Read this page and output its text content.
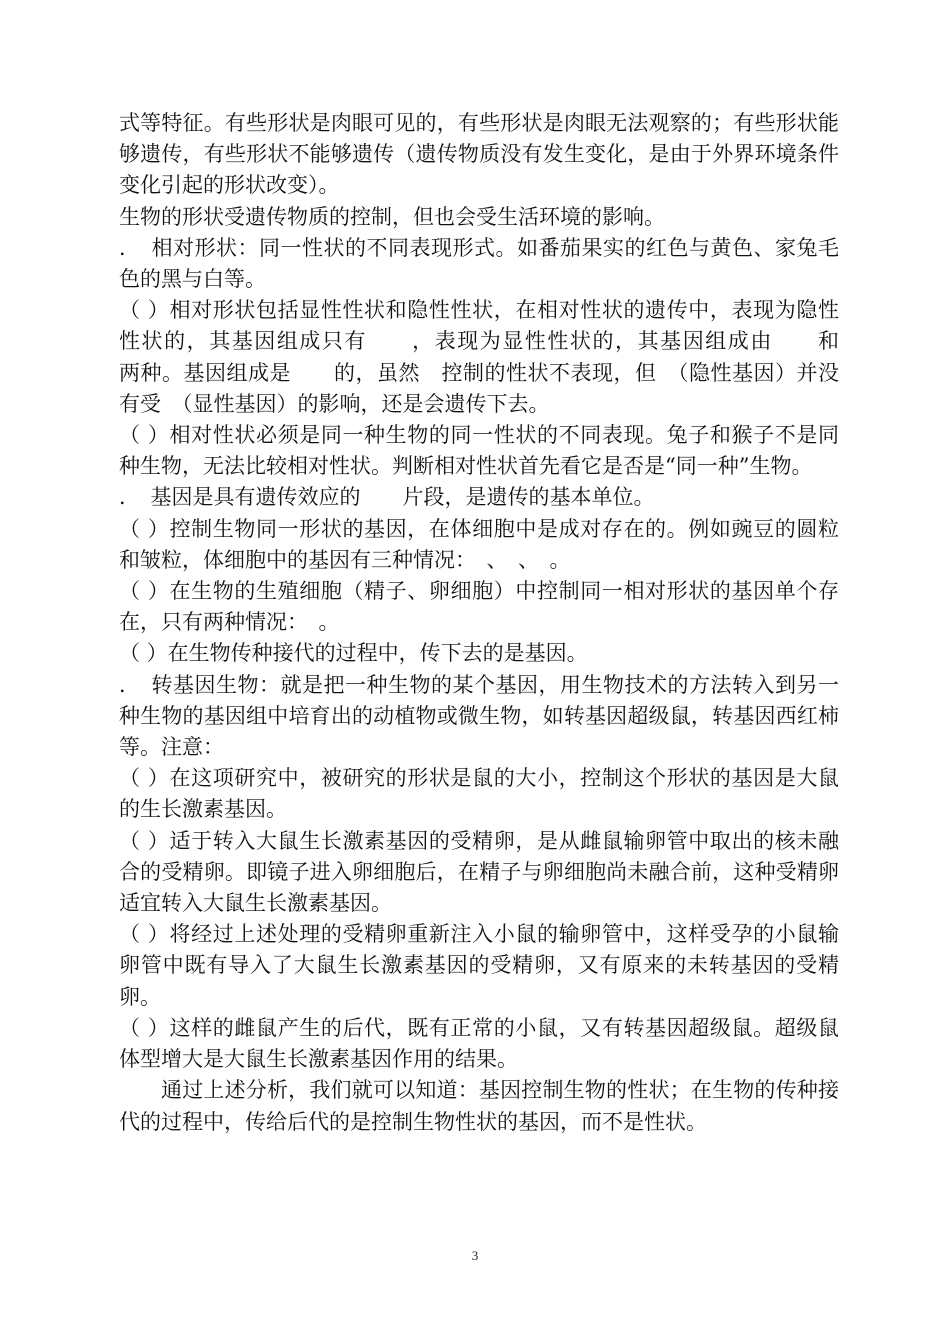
式等特征。有些形状是肉眼可见的，有些形状是肉眼无法观察的；有些形状能够遗传，有些形状不能够遗传（遗传物质没有发生变化，是由于外界环境条件变化引起的形状改变）。

生物的形状受遗传物质的控制，但也会受生活环境的影响。

．　相对形状：同一性状的不同表现形式。如番茄果实的红色与黄色、家兔毛色的黑与白等。

（ ）相对形状包括显性性状和隐性性状，在相对性状的遗传中，表现为隐性性状的，其基因组成只有　　，表现为显性性状的，其基因组成由　　和　　两种。基因组成是　　的，虽然　控制的性状不表现，但　（隐性基因）并没有受　（显性基因）的影响，还是会遗传下去。

（ ）相对性状必须是同一种生物的同一性状的不同表现。兔子和猴子不是同种生物，无法比较相对性状。判断相对性状首先看它是否是“同一种”生物。

．　基因是具有遗传效应的　　片段，是遗传的基本单位。

（ ）控制生物同一形状的基因，在体细胞中是成对存在的。例如豌豆的圆粒和皱粒，体细胞中的基因有三种情况：　、　、　。

（ ）在生物的生殖细胞（精子、卵细胞）中控制同一相对形状的基因单个存在，只有两种情况：　。

（ ）在生物传种接代的过程中，传下去的是基因。

．　转基因生物：就是把一种生物的某个基因，用生物技术的方法转入到另一种生物的基因组中培育出的动植物或微生物，如转基因超级鼠，转基因西红柿等。注意：

（ ）在这项研究中，被研究的形状是鼠的大小，控制这个形状的基因是大鼠的生长激素基因。

（ ）适于转入大鼠生长激素基因的受精卵，是从雌鼠输卵管中取出的核未融合的受精卵。即镜子进入卵细胞后，在精子与卵细胞尚未融合前，这种受精卵适宜转入大鼠生长激素基因。

（ ）将经过上述处理的受精卵重新注入小鼠的输卵管中，这样受孕的小鼠输卵管中既有导入了大鼠生长激素基因的受精卵，又有原来的未转基因的受精卵。

（ ）这样的雌鼠产生的后代，既有正常的小鼠，又有转基因超级鼠。超级鼠体型增大是大鼠生长激素基因作用的结果。

通过上述分析，我们就可以知道：基因控制生物的性状；在生物的传种接代的过程中，传给后代的是控制生物性状的基因，而不是性状。

3
